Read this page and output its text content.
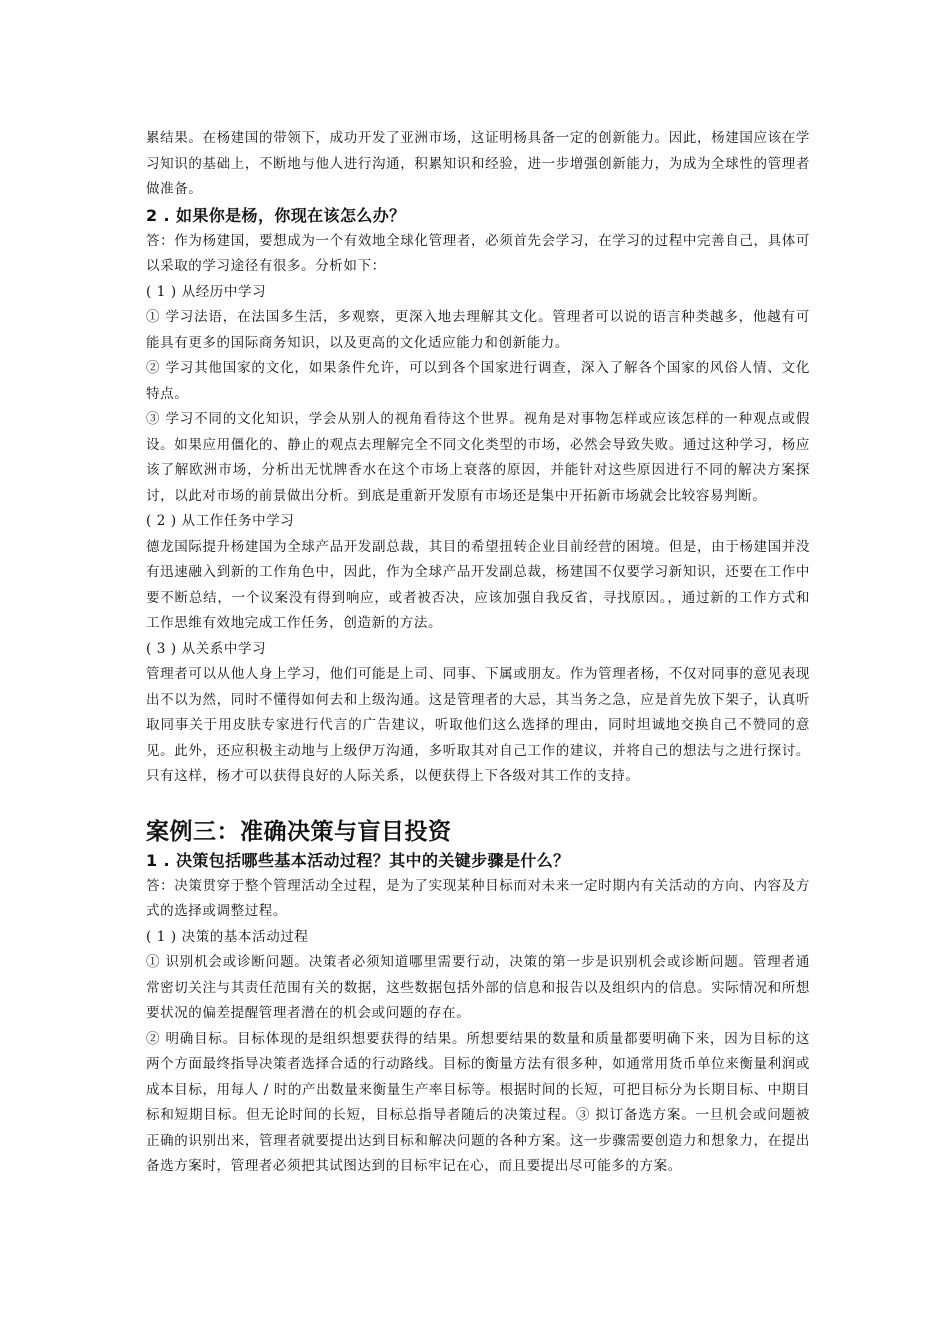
累结果。在杨建国的带领下，成功开发了亚洲市场，这证明杨具备一定的创新能力。因此，杨建国应该在学习知识的基础上，不断地与他人进行沟通，积累知识和经验，进一步增强创新能力，为成为全球性的管理者做准备。

2 . 如果你是杨，你现在该怎么办？

答：作为杨建国，要想成为一个有效地全球化管理者，必须首先会学习，在学习的过程中完善自己，具体可以采取的学习途径有很多。分析如下：

( 1 ) 从经历中学习

① 学习法语，在法国多生活，多观察，更深入地去理解其文化。管理者可以说的语言种类越多，他越有可能具有更多的国际商务知识，以及更高的文化适应能力和创新能力。

② 学习其他国家的文化，如果条件允许，可以到各个国家进行调查，深入了解各个国家的风俗人情、文化特点。

③ 学习不同的文化知识，学会从别人的视角看待这个世界。视角是对事物怎样或应该怎样的一种观点或假设。如果应用僵化的、静止的观点去理解完全不同文化类型的市场，必然会导致失败。通过这种学习，杨应该了解欧洲市场，分析出无忧牌香水在这个市场上衰落的原因，并能针对这些原因进行不同的解决方案探讨，以此对市场的前景做出分析。到底是重新开发原有市场还是集中开拓新市场就会比较容易判断。

( 2 ) 从工作任务中学习

德龙国际提升杨建国为全球产品开发副总裁，其目的希望扭转企业目前经营的困境。但是，由于杨建国并没有迅速融入到新的工作角色中，因此，作为全球产品开发副总裁，杨建国不仅要学习新知识，还要在工作中要不断总结，一个议案没有得到响应，或者被否决，应该加强自我反省，寻找原因。，通过新的工作方式和工作思维有效地完成工作任务，创造新的方法。

( 3 ) 从关系中学习

管理者可以从他人身上学习，他们可能是上司、同事、下属或朋友。作为管理者杨，不仅对同事的意见表现出不以为然，同时不懂得如何去和上级沟通。这是管理者的大忌，其当务之急，应是首先放下架子，认真听取同事关于用皮肤专家进行代言的广告建议，听取他们这么选择的理由，同时坦诚地交换自己不赞同的意见。此外，还应积极主动地与上级伊万沟通，多听取其对自己工作的建议，并将自己的想法与之进行探讨。只有这样，杨才可以获得良好的人际关系，以便获得上下各级对其工作的支持。

案例三：准确决策与盲目投资

1 . 决策包括哪些基本活动过程？其中的关键步骤是什么？

答：决策贯穿于整个管理活动全过程，是为了实现某种目标而对未来一定时期内有关活动的方向、内容及方式的选择或调整过程。

( 1 ) 决策的基本活动过程

① 识别机会或诊断问题。决策者必须知道哪里需要行动，决策的第一步是识别机会或诊断问题。管理者通常密切关注与其责任范围有关的数据，这些数据包括外部的信息和报告以及组织内的信息。实际情况和所想要状况的偏差提醒管理者潜在的机会或问题的存在。

② 明确目标。目标体现的是组织想要获得的结果。所想要结果的数量和质量都要明确下来，因为目标的这两个方面最终指导决策者选择合适的行动路线。目标的衡量方法有很多种，如通常用货币单位来衡量利润或成本目标，用每人 / 时的产出数量来衡量生产率目标等。根据时间的长短，可把目标分为长期目标、中期目标和短期目标。但无论时间的长短，目标总指导者随后的决策过程。③ 拟订备选方案。一旦机会或问题被正确的识别出来，管理者就要提出达到目标和解决问题的各种方案。这一步骤需要创造力和想象力，在提出备选方案时，管理者必须把其试图达到的目标牢记在心，而且要提出尽可能多的方案。
